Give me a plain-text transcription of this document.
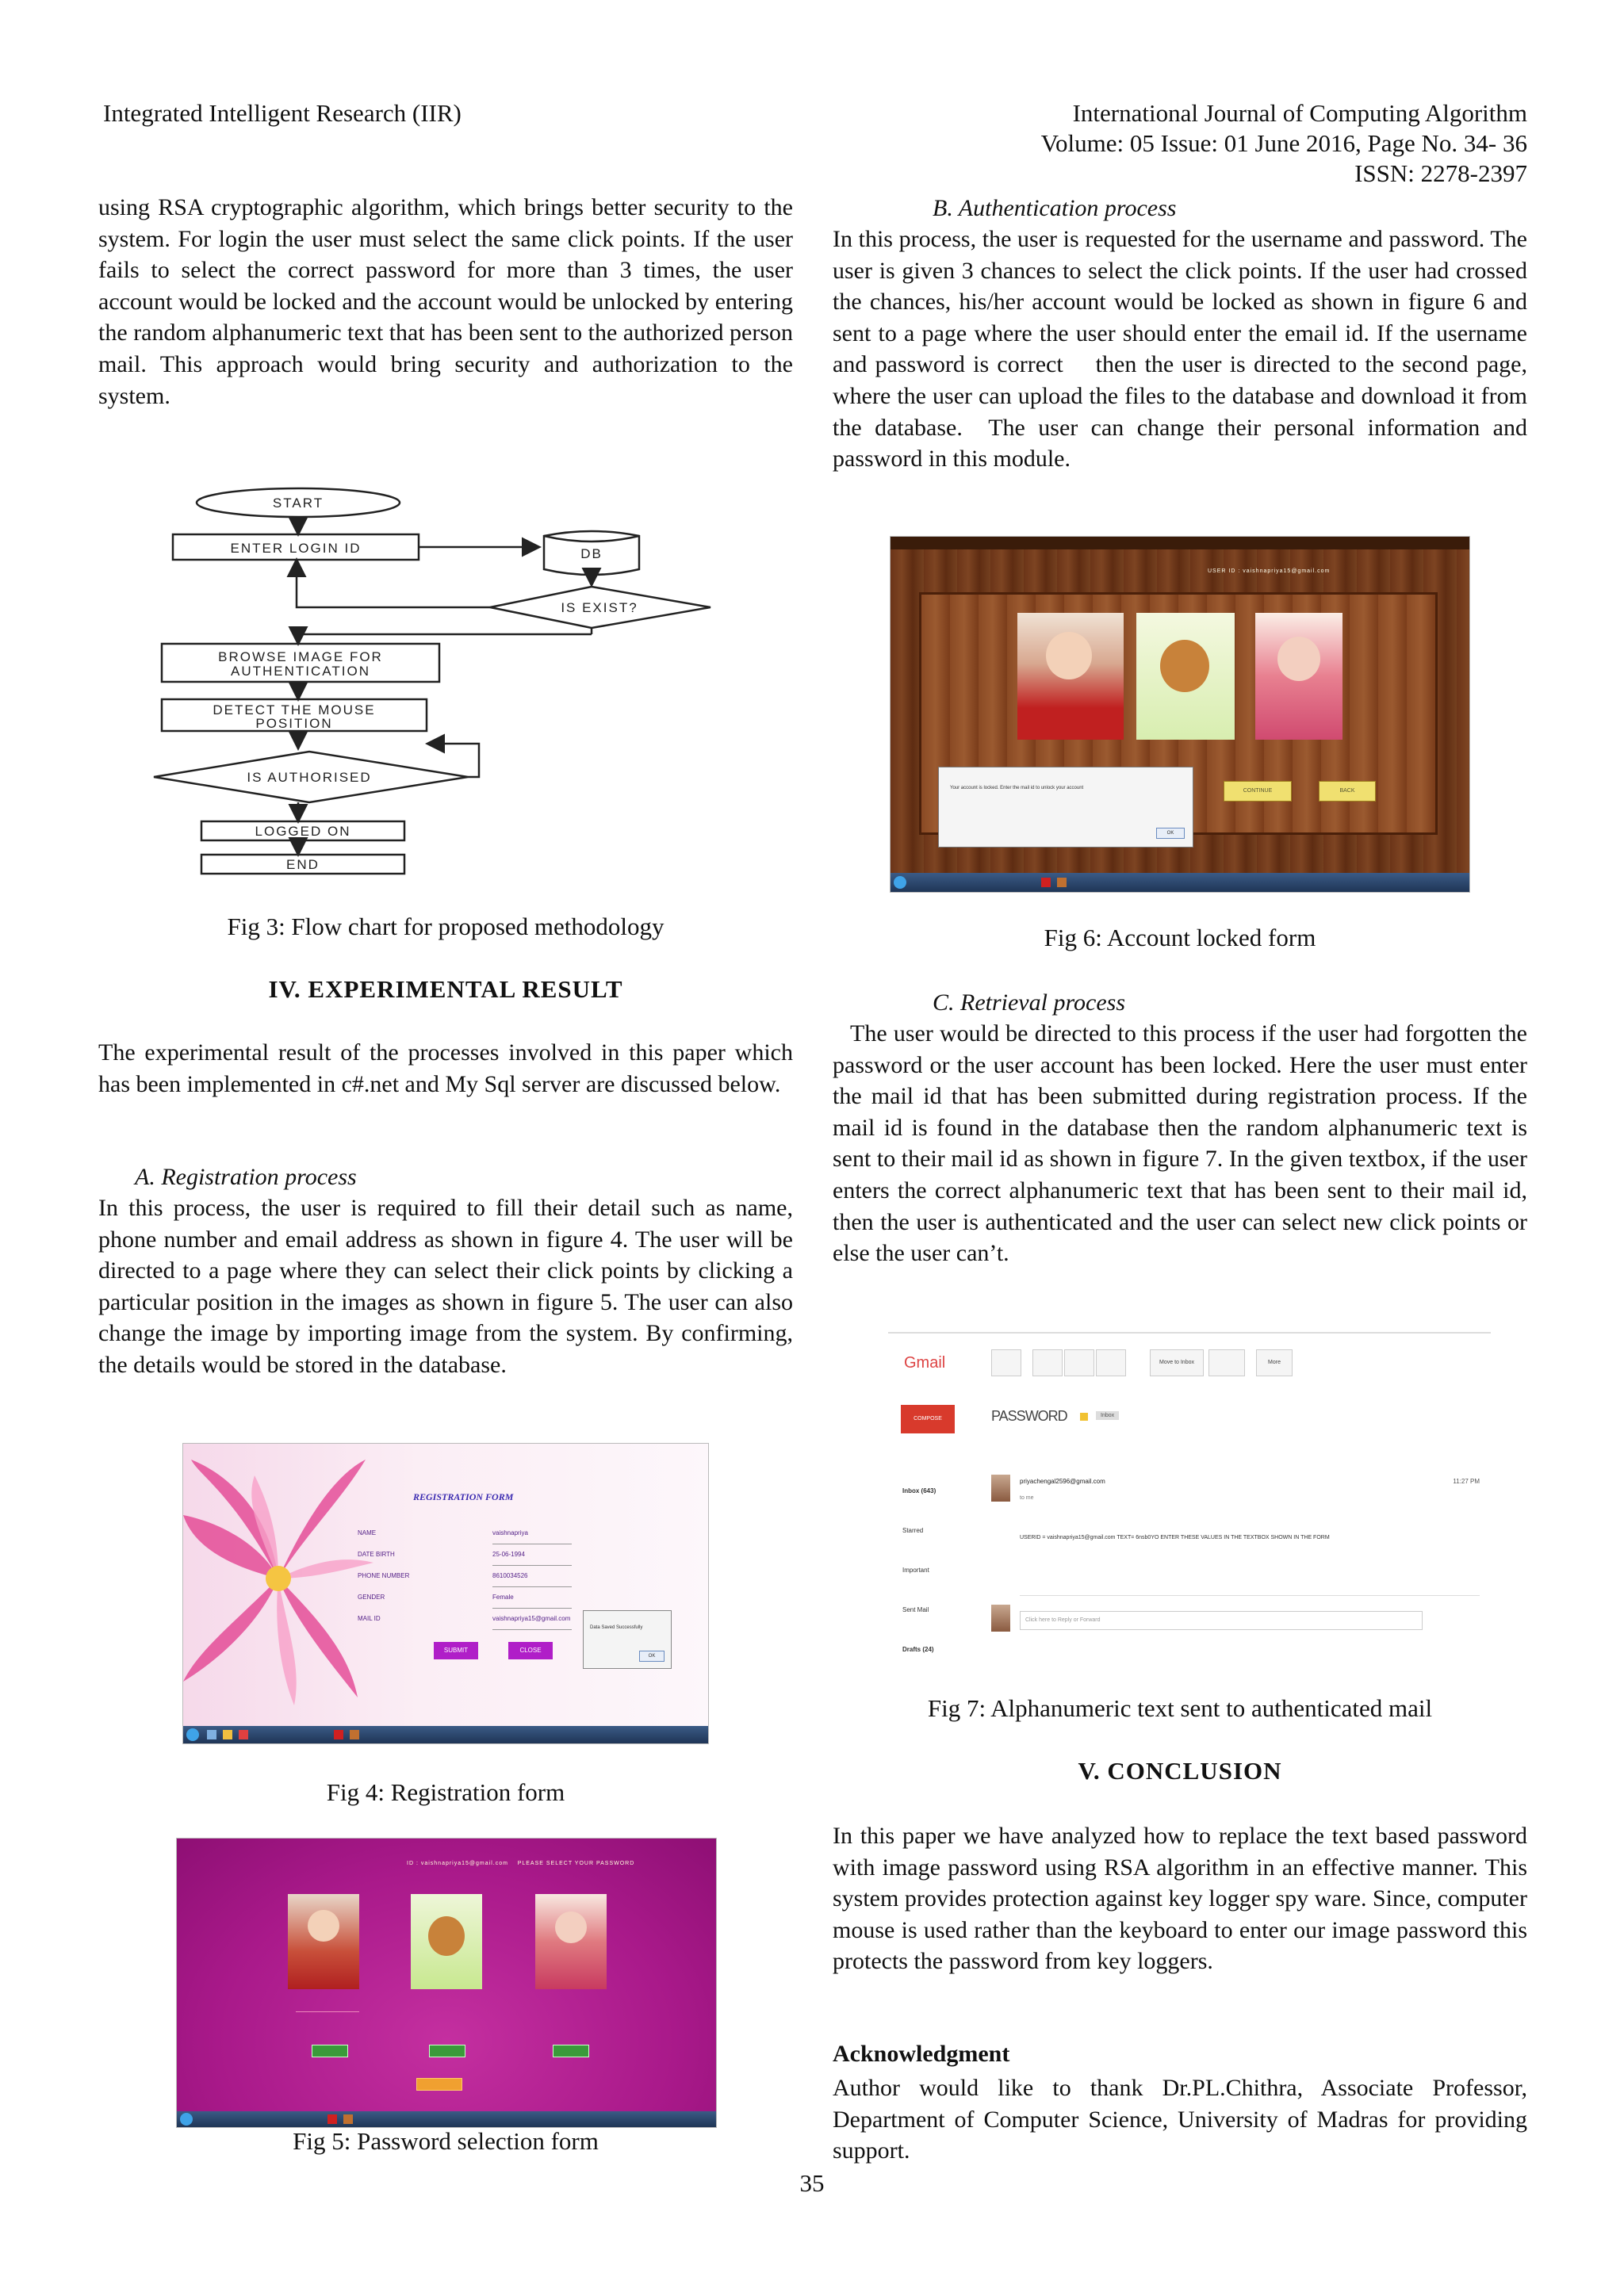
Integrated Intelligent Research (IIR)	International Journal of Computing Algorithm
Volume: 05 Issue: 01 June 2016, Page No. 34- 36
ISSN: 2278-2397

using RSA cryptographic algorithm, which brings better security to the system. For login the user must select the same click points. If the user fails to select the correct password for more than 3 times, the user account would be locked and the account would be unlocked by entering the random alphanumeric text that has been sent to the authorized person mail. This approach would bring security and authorization to the system.

START
ENTER LOGIN ID	DB
IS EXIST?
BROWSE IMAGE FOR
AUTHENTICATION
DETECT THE MOUSE
POSITION
IS AUTHORISED
LOGGED ON
END
Fig 3: Flow chart for proposed methodology
IV. EXPERIMENTAL RESULT

The experimental result of the processes involved in this paper which has been implemented in c#.net and My Sql server are discussed below.

A. Registration process

In this process, the user is required to fill their detail such as name, phone number and email address as shown in figure 4. The user will be directed to a page where they can select their click points by clicking a particular position in the images as shown in figure 5. The user can also change the image by importing image from the system. By confirming, the details would be stored in the database.

REGISTRATION FORM
NAME	vaishnapriya
DATE BIRTH	25-06-1994
PHONE NUMBER	8610034526
GENDER	Female
MAIL ID	vaishnapriya15@gmail.com
SUBMIT	CLOSE
Data Saved Successfully
OK
Fig 4: Registration form
ID : vaishnapriya15@gmail.com    PLEASE SELECT YOUR PASSWORD
Fig 5: Password selection form
B. Authentication process

In this process, the user is requested for the username and password. The user is given 3 chances to select the click points. If the user had crossed the chances, his/her account would be locked as shown in figure 6 and sent to a page where the user should enter the email id. If the username and password is correct    then the user is directed to the second page, where the user can upload the files to the database and download it from the database.  The user can change their personal information and password in this module.

USER ID : vaishnapriya15@gmail.com
Your account is locked. Enter the mail id to unlock your account
OK
CONTINUE	BACK
Fig 6: Account locked form
C. Retrieval process

The user would be directed to this process if the user had forgotten the password or the user account has been locked. Here the user must enter the mail id that has been submitted during registration process. If the mail id is found in the database then the random alphanumeric text is sent to their mail id as shown in figure 7. In the given textbox, if the user enters the correct alphanumeric text that has been sent to their mail id, then the user is authenticated and the user can select new click points or else the user can’t.

Gmail	Move to Inbox	More
COMPOSE	PASSWORD	Inbox
Inbox (643)
Starred
Important
Sent Mail
Drafts (24)
priyachengal2596@gmail.com
to me
11:27 PM
USERID = vaishnapriya15@gmail.com TEXT= 6nsb0YO ENTER THESE VALUES IN THE TEXTBOX SHOWN IN THE FORM
Click here to Reply or Forward
Fig 7: Alphanumeric text sent to authenticated mail
V. CONCLUSION

In this paper we have analyzed how to replace the text based password with image password using RSA algorithm in an effective manner. This system provides protection against key logger spy ware. Since, computer mouse is used rather than the keyboard to enter our image password this protects the password from key loggers.

Acknowledgment

Author would like to thank Dr.PL.Chithra, Associate Professor, Department of Computer Science, University of Madras for providing support.

35
